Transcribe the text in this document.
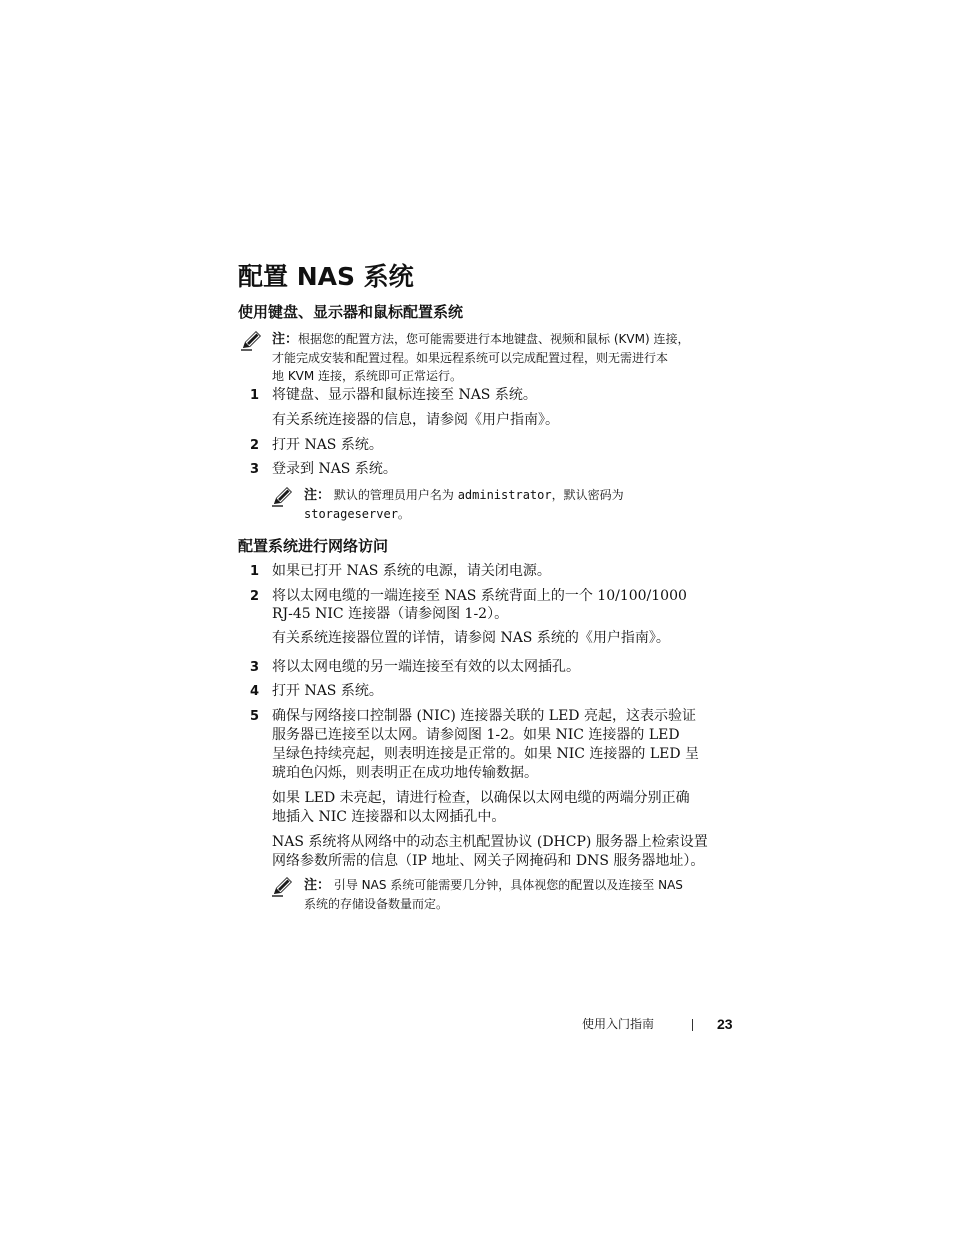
配置 NAS 系统
使用键盘、显示器和鼠标配置系统
注：根据您的配置方法，您可能需要进行本地键盘、视频和鼠标 (KVM) 连接，
才能完成安装和配置过程。如果远程系统可以完成配置过程，则无需进行本
地 KVM 连接，系统即可正常运行。
1 将键盘、显示器和鼠标连接至 NAS 系统。
有关系统连接器的信息，请参阅《用户指南》。
2 打开 NAS 系统。
3 登录到 NAS 系统。
注： 默认的管理员用户名为 administrator，默认密码为
storageserver。
配置系统进行网络访问
1 如果已打开 NAS 系统的电源，请关闭电源。
2 将以太网电缆的一端连接至 NAS 系统背面上的一个 10/100/1000
RJ-45 NIC 连接器（请参阅图 1-2）。
有关系统连接器位置的详情，请参阅 NAS 系统的《用户指南》。
3 将以太网电缆的另一端连接至有效的以太网插孔。
4 打开 NAS 系统。
5 确保与网络接口控制器 (NIC) 连接器关联的 LED 亮起，这表示验证
服务器已连接至以太网。请参阅图 1-2。如果 NIC 连接器的 LED
呈绿色持续亮起，则表明连接是正常的。如果 NIC 连接器的 LED 呈
琥珀色闪烁，则表明正在成功地传输数据。
如果 LED 未亮起，请进行检查，以确保以太网电缆的两端分别正确
地插入 NIC 连接器和以太网插孔中。
NAS 系统将从网络中的动态主机配置协议 (DHCP) 服务器上检索设置
网络参数所需的信息（IP 地址、网关子网掩码和 DNS 服务器地址）。
注： 引导 NAS 系统可能需要几分钟，具体视您的配置以及连接至 NAS
系统的存储设备数量而定。
使用入门指南	23
